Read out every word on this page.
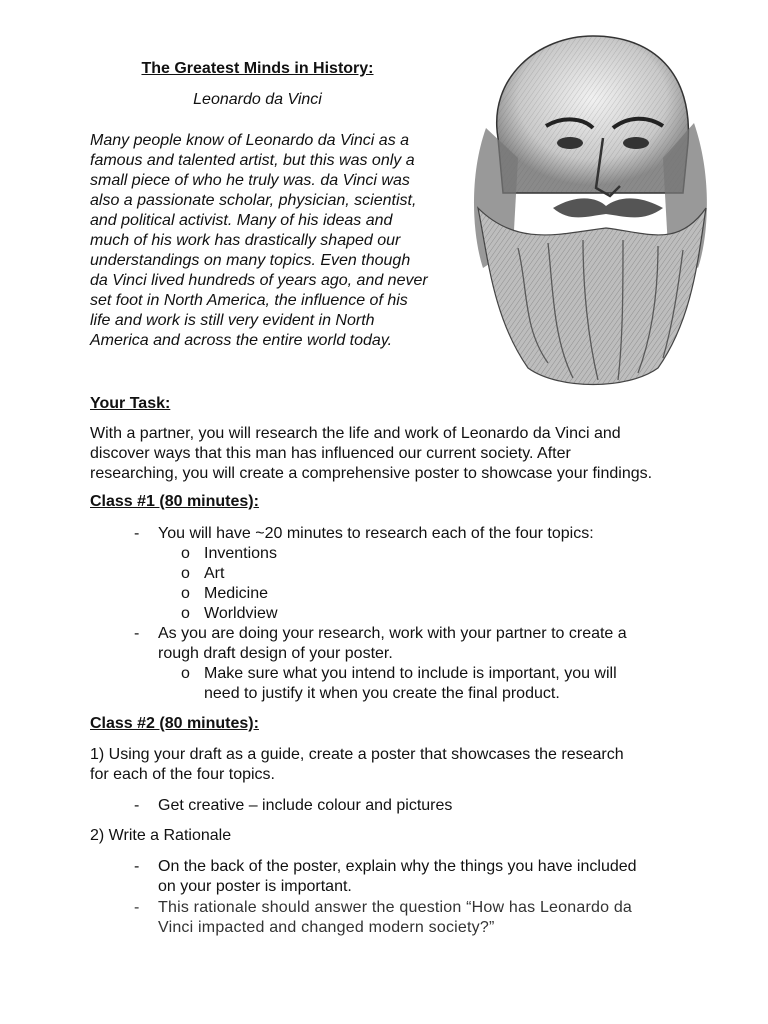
The Greatest Minds in History:
Leonardo da Vinci
Many people know of Leonardo da Vinci as a
famous and talented artist, but this was only a
small piece of who he truly was. da Vinci was
also a passionate scholar, physician, scientist,
and political activist. Many of his ideas and
much of his work has drastically shaped our
understandings on many topics. Even though
da Vinci lived hundreds of years ago, and never
set foot in North America, the influence of his
life and work is still very evident in North
America and across the entire world today.
Your Task:
With a partner, you will research the life and work of Leonardo da Vinci and
discover ways that this man has influenced our current society. After
researching, you will create a comprehensive poster to showcase your findings.
Class #1 (80 minutes):
- You will have ~20 minutes to research each of the four topics:
o Inventions
o Art
o Medicine
o Worldview
- As you are doing your research, work with your partner to create a
rough draft design of your poster.
o Make sure what you intend to include is important, you will
need to justify it when you create the final product.
Class #2 (80 minutes):
1) Using your draft as a guide, create a poster that showcases the research
for each of the four topics.
- Get creative – include colour and pictures
2) Write a Rationale
- On the back of the poster, explain why the things you have included
on your poster is important.
- This rationale should answer the question “How has Leonardo da
Vinci impacted and changed modern society?”
